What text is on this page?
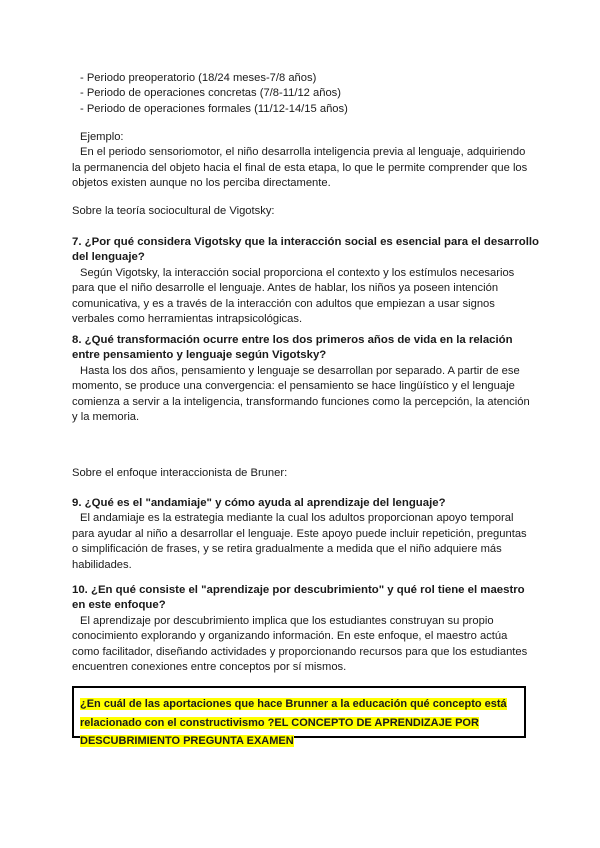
- Periodo preoperatorio (18/24 meses-7/8 años)
- Periodo de operaciones concretas (7/8-11/12 años)
- Periodo de operaciones formales (11/12-14/15 años)
Ejemplo:
En el periodo sensoriomotor, el niño desarrolla inteligencia previa al lenguaje, adquiriendo
la permanencia del objeto hacia el final de esta etapa, lo que le permite comprender que los
objetos existen aunque no los perciba directamente.
Sobre la teoría sociocultural de Vigotsky:
7. ¿Por qué considera Vigotsky que la interacción social es esencial para el desarrollo
del lenguaje?
Según Vigotsky, la interacción social proporciona el contexto y los estímulos necesarios
para que el niño desarrolle el lenguaje. Antes de hablar, los niños ya poseen intención
comunicativa, y es a través de la interacción con adultos que empiezan a usar signos
verbales como herramientas intrapsicológicas.
8. ¿Qué transformación ocurre entre los dos primeros años de vida en la relación
entre pensamiento y lenguaje según Vigotsky?
Hasta los dos años, pensamiento y lenguaje se desarrollan por separado. A partir de ese
momento, se produce una convergencia: el pensamiento se hace lingüístico y el lenguaje
comienza a servir a la inteligencia, transformando funciones como la percepción, la atención
y la memoria.
Sobre el enfoque interaccionista de Bruner:
9. ¿Qué es el "andamiaje" y cómo ayuda al aprendizaje del lenguaje?
El andamiaje es la estrategia mediante la cual los adultos proporcionan apoyo temporal
para ayudar al niño a desarrollar el lenguaje. Este apoyo puede incluir repetición, preguntas
o simplificación de frases, y se retira gradualmente a medida que el niño adquiere más
habilidades.
10. ¿En qué consiste el "aprendizaje por descubrimiento" y qué rol tiene el maestro
en este enfoque?
El aprendizaje por descubrimiento implica que los estudiantes construyan su propio
conocimiento explorando y organizando información. En este enfoque, el maestro actúa
como facilitador, diseñando actividades y proporcionando recursos para que los estudiantes
encuentren conexiones entre conceptos por sí mismos.
¿En cuál de las aportaciones que hace Brunner a la educación qué concepto está
relacionado con el constructivismo ?EL CONCEPTO DE APRENDIZAJE POR
DESCUBRIMIENTO PREGUNTA EXAMEN
